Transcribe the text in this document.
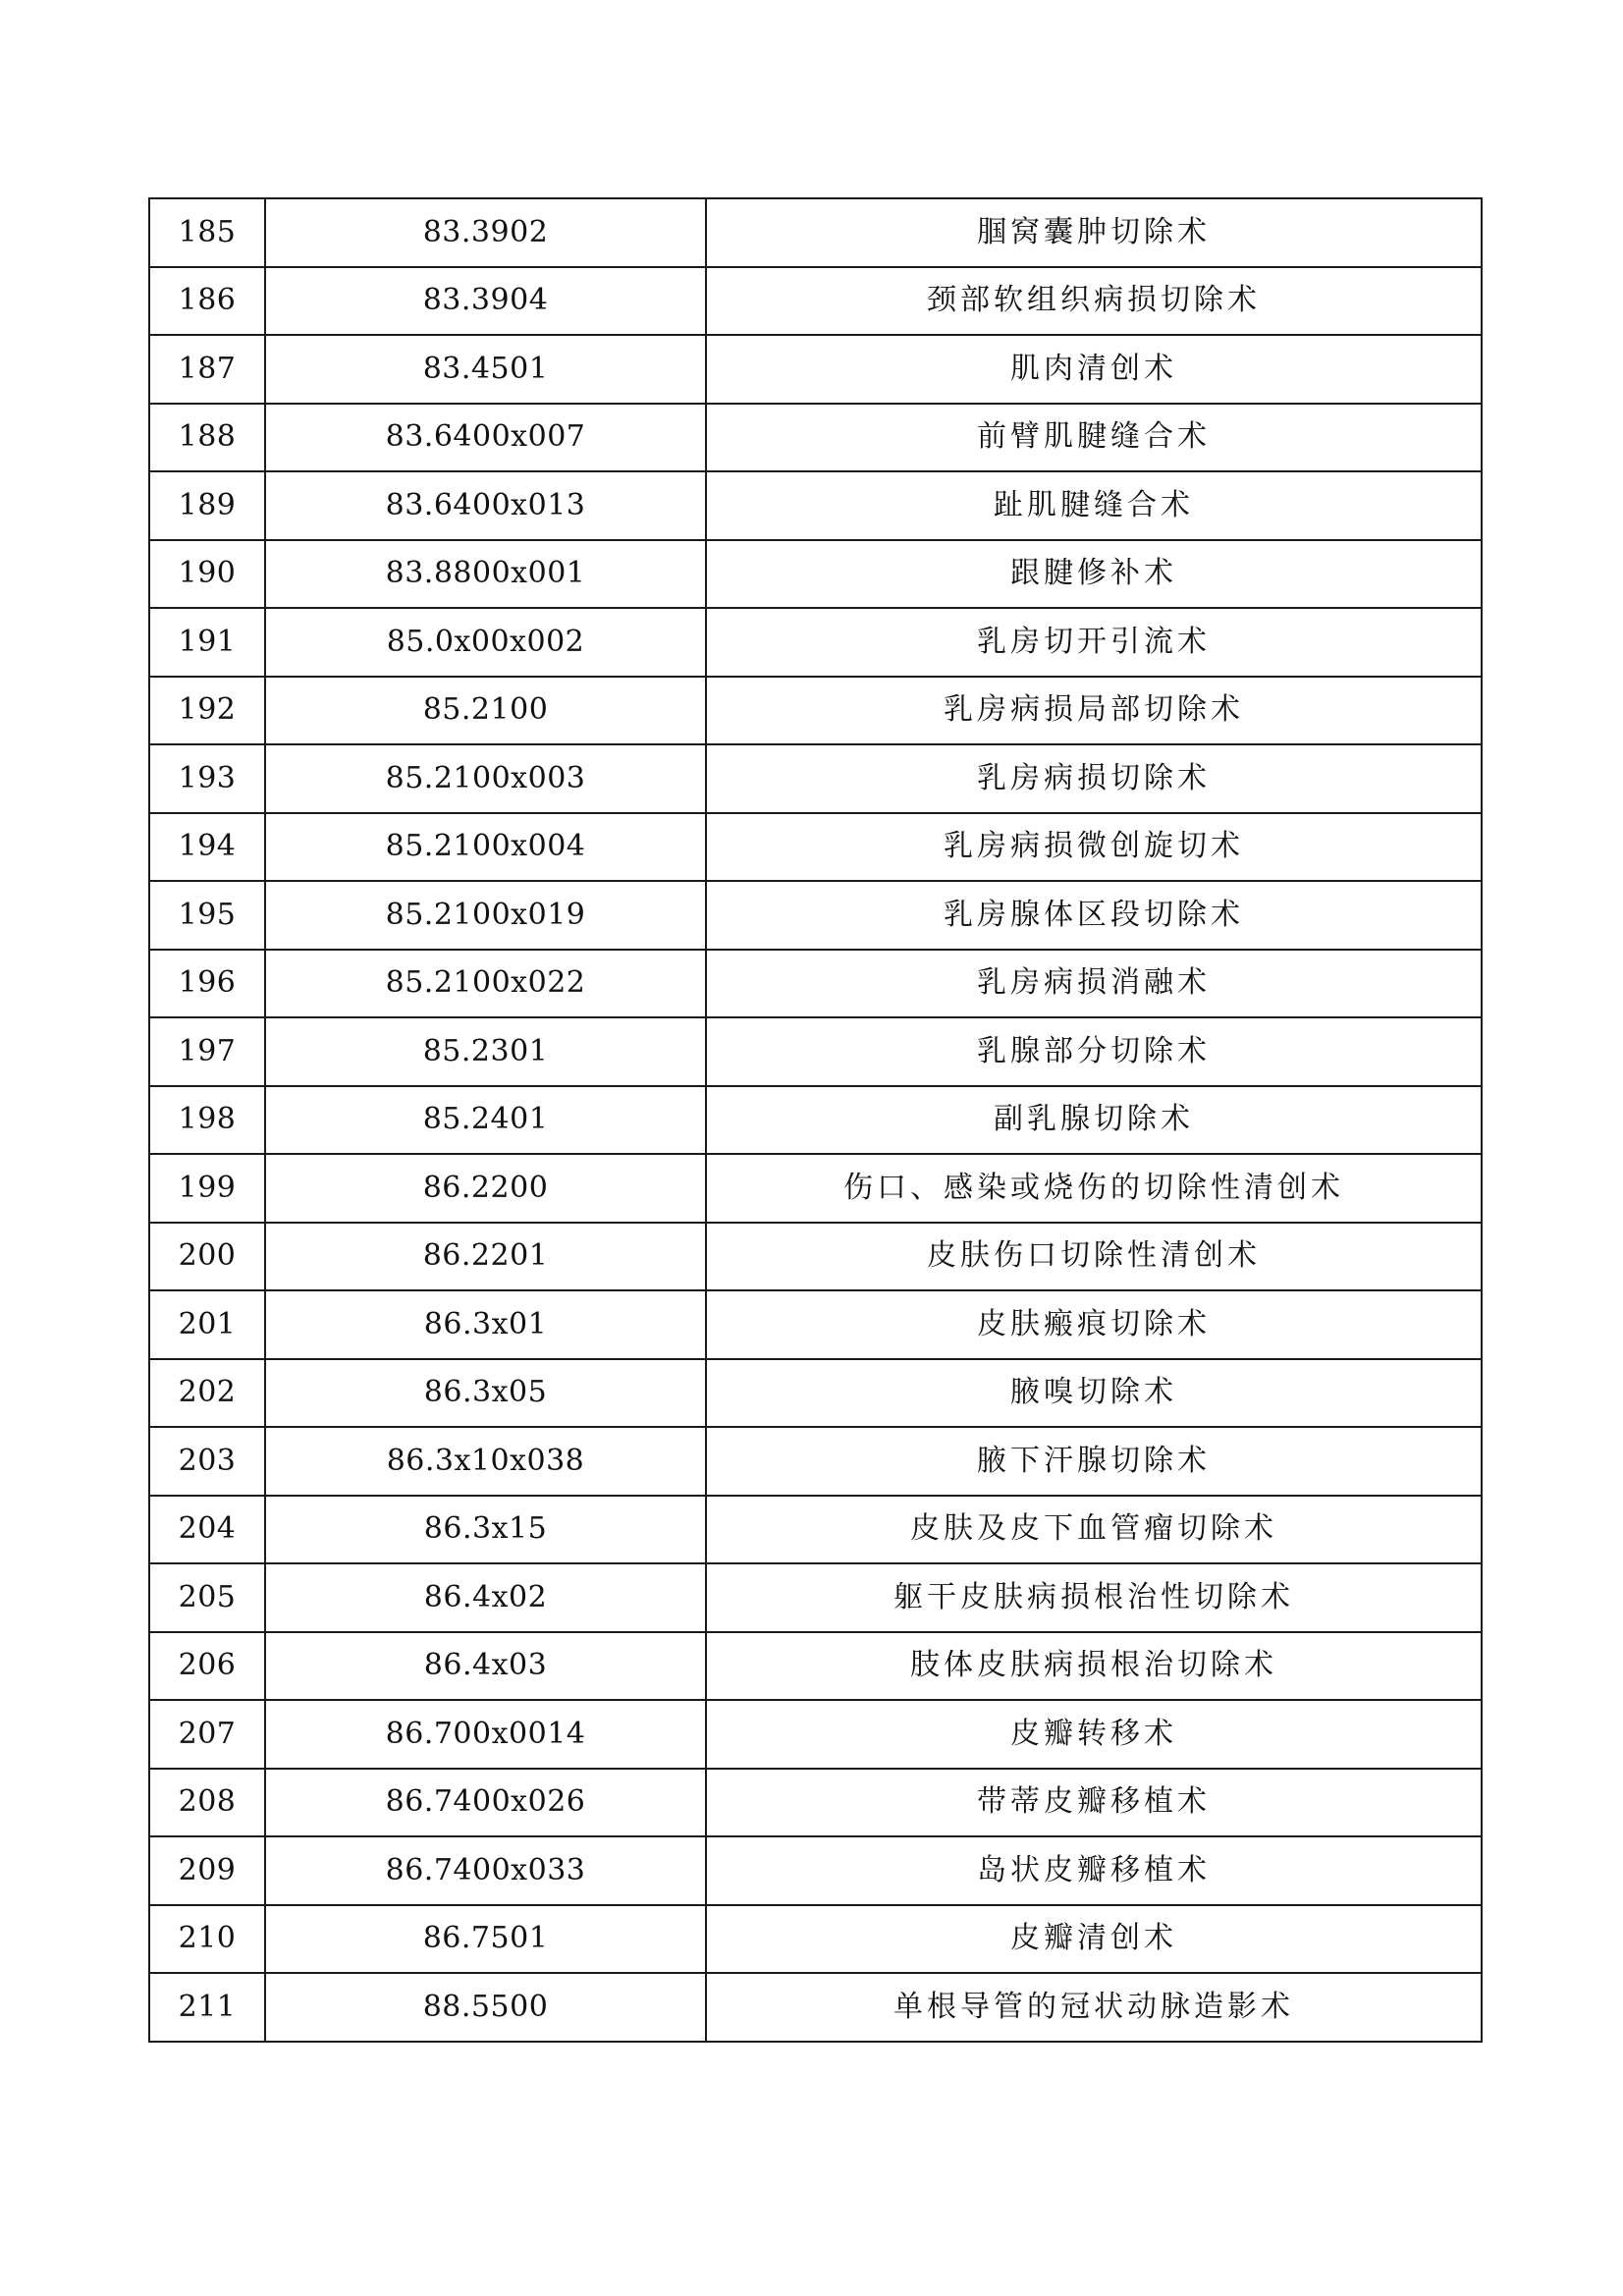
185	83.3902	腘窝囊肿切除术
186	83.3904	颈部软组织病损切除术
187	83.4501	肌肉清创术
188	83.6400x007	前臂肌腱缝合术
189	83.6400x013	趾肌腱缝合术
190	83.8800x001	跟腱修补术
191	85.0x00x002	乳房切开引流术
192	85.2100	乳房病损局部切除术
193	85.2100x003	乳房病损切除术
194	85.2100x004	乳房病损微创旋切术
195	85.2100x019	乳房腺体区段切除术
196	85.2100x022	乳房病损消融术
197	85.2301	乳腺部分切除术
198	85.2401	副乳腺切除术
199	86.2200	伤口、感染或烧伤的切除性清创术
200	86.2201	皮肤伤口切除性清创术
201	86.3x01	皮肤瘢痕切除术
202	86.3x05	腋嗅切除术
203	86.3x10x038	腋下汗腺切除术
204	86.3x15	皮肤及皮下血管瘤切除术
205	86.4x02	躯干皮肤病损根治性切除术
206	86.4x03	肢体皮肤病损根治切除术
207	86.700x0014	皮瓣转移术
208	86.7400x026	带蒂皮瓣移植术
209	86.7400x033	岛状皮瓣移植术
210	86.7501	皮瓣清创术
211	88.5500	单根导管的冠状动脉造影术
